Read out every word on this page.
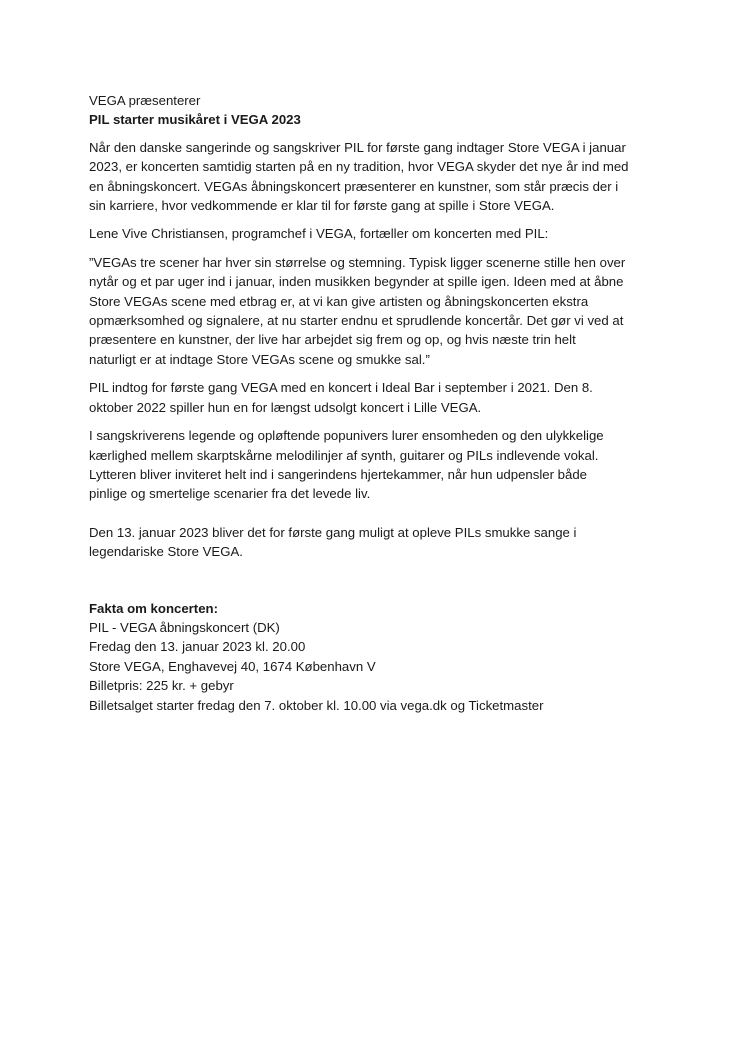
VEGA præsenterer
PIL starter musikåret i VEGA 2023
Når den danske sangerinde og sangskriver PIL for første gang indtager Store VEGA i januar
2023, er koncerten samtidig starten på en ny tradition, hvor VEGA skyder det nye år ind med
en åbningskoncert. VEGAs åbningskoncert præsenterer en kunstner, som står præcis der i
sin karriere, hvor vedkommende er klar til for første gang at spille i Store VEGA.
Lene Vive Christiansen, programchef i VEGA, fortæller om koncerten med PIL:
”VEGAs tre scener har hver sin størrelse og stemning. Typisk ligger scenerne stille hen over
nytår og et par uger ind i januar, inden musikken begynder at spille igen. Ideen med at åbne
Store VEGAs scene med etbrag er, at vi kan give artisten og åbningskoncerten ekstra
opmærksomhed og signalere, at nu starter endnu et sprudlende koncertår. Det gør vi ved at
præsentere en kunstner, der live har arbejdet sig frem og op, og hvis næste trin helt
naturligt er at indtage Store VEGAs scene og smukke sal.”
PIL indtog for første gang VEGA med en koncert i Ideal Bar i september i 2021. Den 8.
oktober 2022 spiller hun en for længst udsolgt koncert i Lille VEGA.
I sangskriverens legende og opløftende popunivers lurer ensomheden og den ulykkelige
kærlighed mellem skarptskårne melodilinjer af synth, guitarer og PILs indlevende vokal.
Lytteren bliver inviteret helt ind i sangerindens hjertekammer, når hun udpensler både
pinlige og smertelige scenarier fra det levede liv.
Den 13. januar 2023 bliver det for første gang muligt at opleve PILs smukke sange i
legendariske Store VEGA.
Fakta om koncerten:
PIL - VEGA åbningskoncert (DK)
Fredag den 13. januar 2023 kl. 20.00
Store VEGA, Enghavevej 40, 1674 København V
Billetpris: 225 kr. + gebyr
Billetsalget starter fredag den 7. oktober kl. 10.00 via vega.dk og Ticketmaster
